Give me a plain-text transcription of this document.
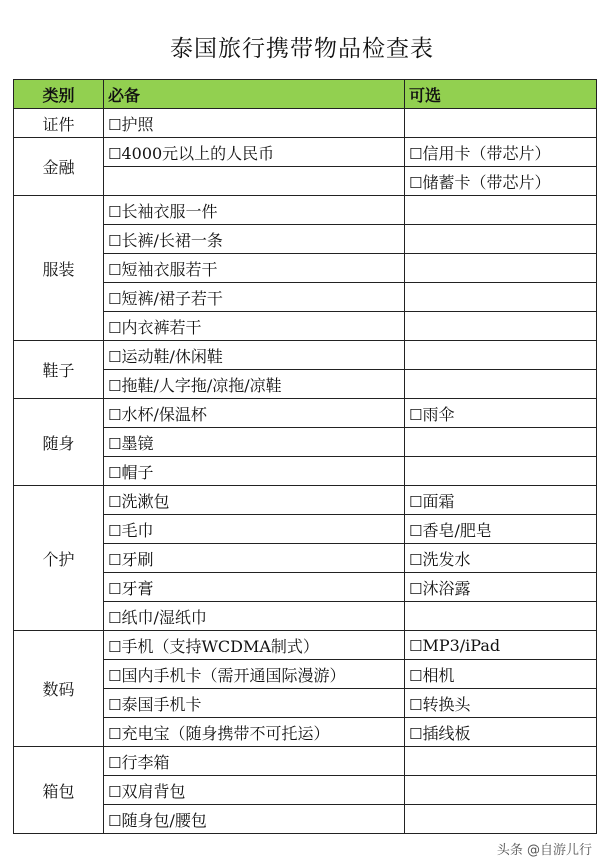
泰国旅行携带物品检查表
类别	必备	可选
证件	☐护照	
金融	☐4000元以上的人民币	☐信用卡（带芯片）
		☐储蓄卡（带芯片）
服装	☐长袖衣服一件	
	☐长裤/长裙一条	
	☐短袖衣服若干	
	☐短裤/裙子若干	
	☐内衣裤若干	
鞋子	☐运动鞋/休闲鞋	
	☐拖鞋/人字拖/凉拖/凉鞋	
随身	☐水杯/保温杯	☐雨伞
	☐墨镜	
	☐帽子	
个护	☐洗漱包	☐面霜
	☐毛巾	☐香皂/肥皂
	☐牙刷	☐洗发水
	☐牙膏	☐沐浴露
	☐纸巾/湿纸巾	
数码	☐手机（支持WCDMA制式）	☐MP3/iPad
	☐国内手机卡（需开通国际漫游）	☐相机
	☐泰国手机卡	☐转换头
	☐充电宝（随身携带不可托运）	☐插线板
箱包	☐行李箱	
	☐双肩背包	
	☐随身包/腰包	
头条 @自游儿行
